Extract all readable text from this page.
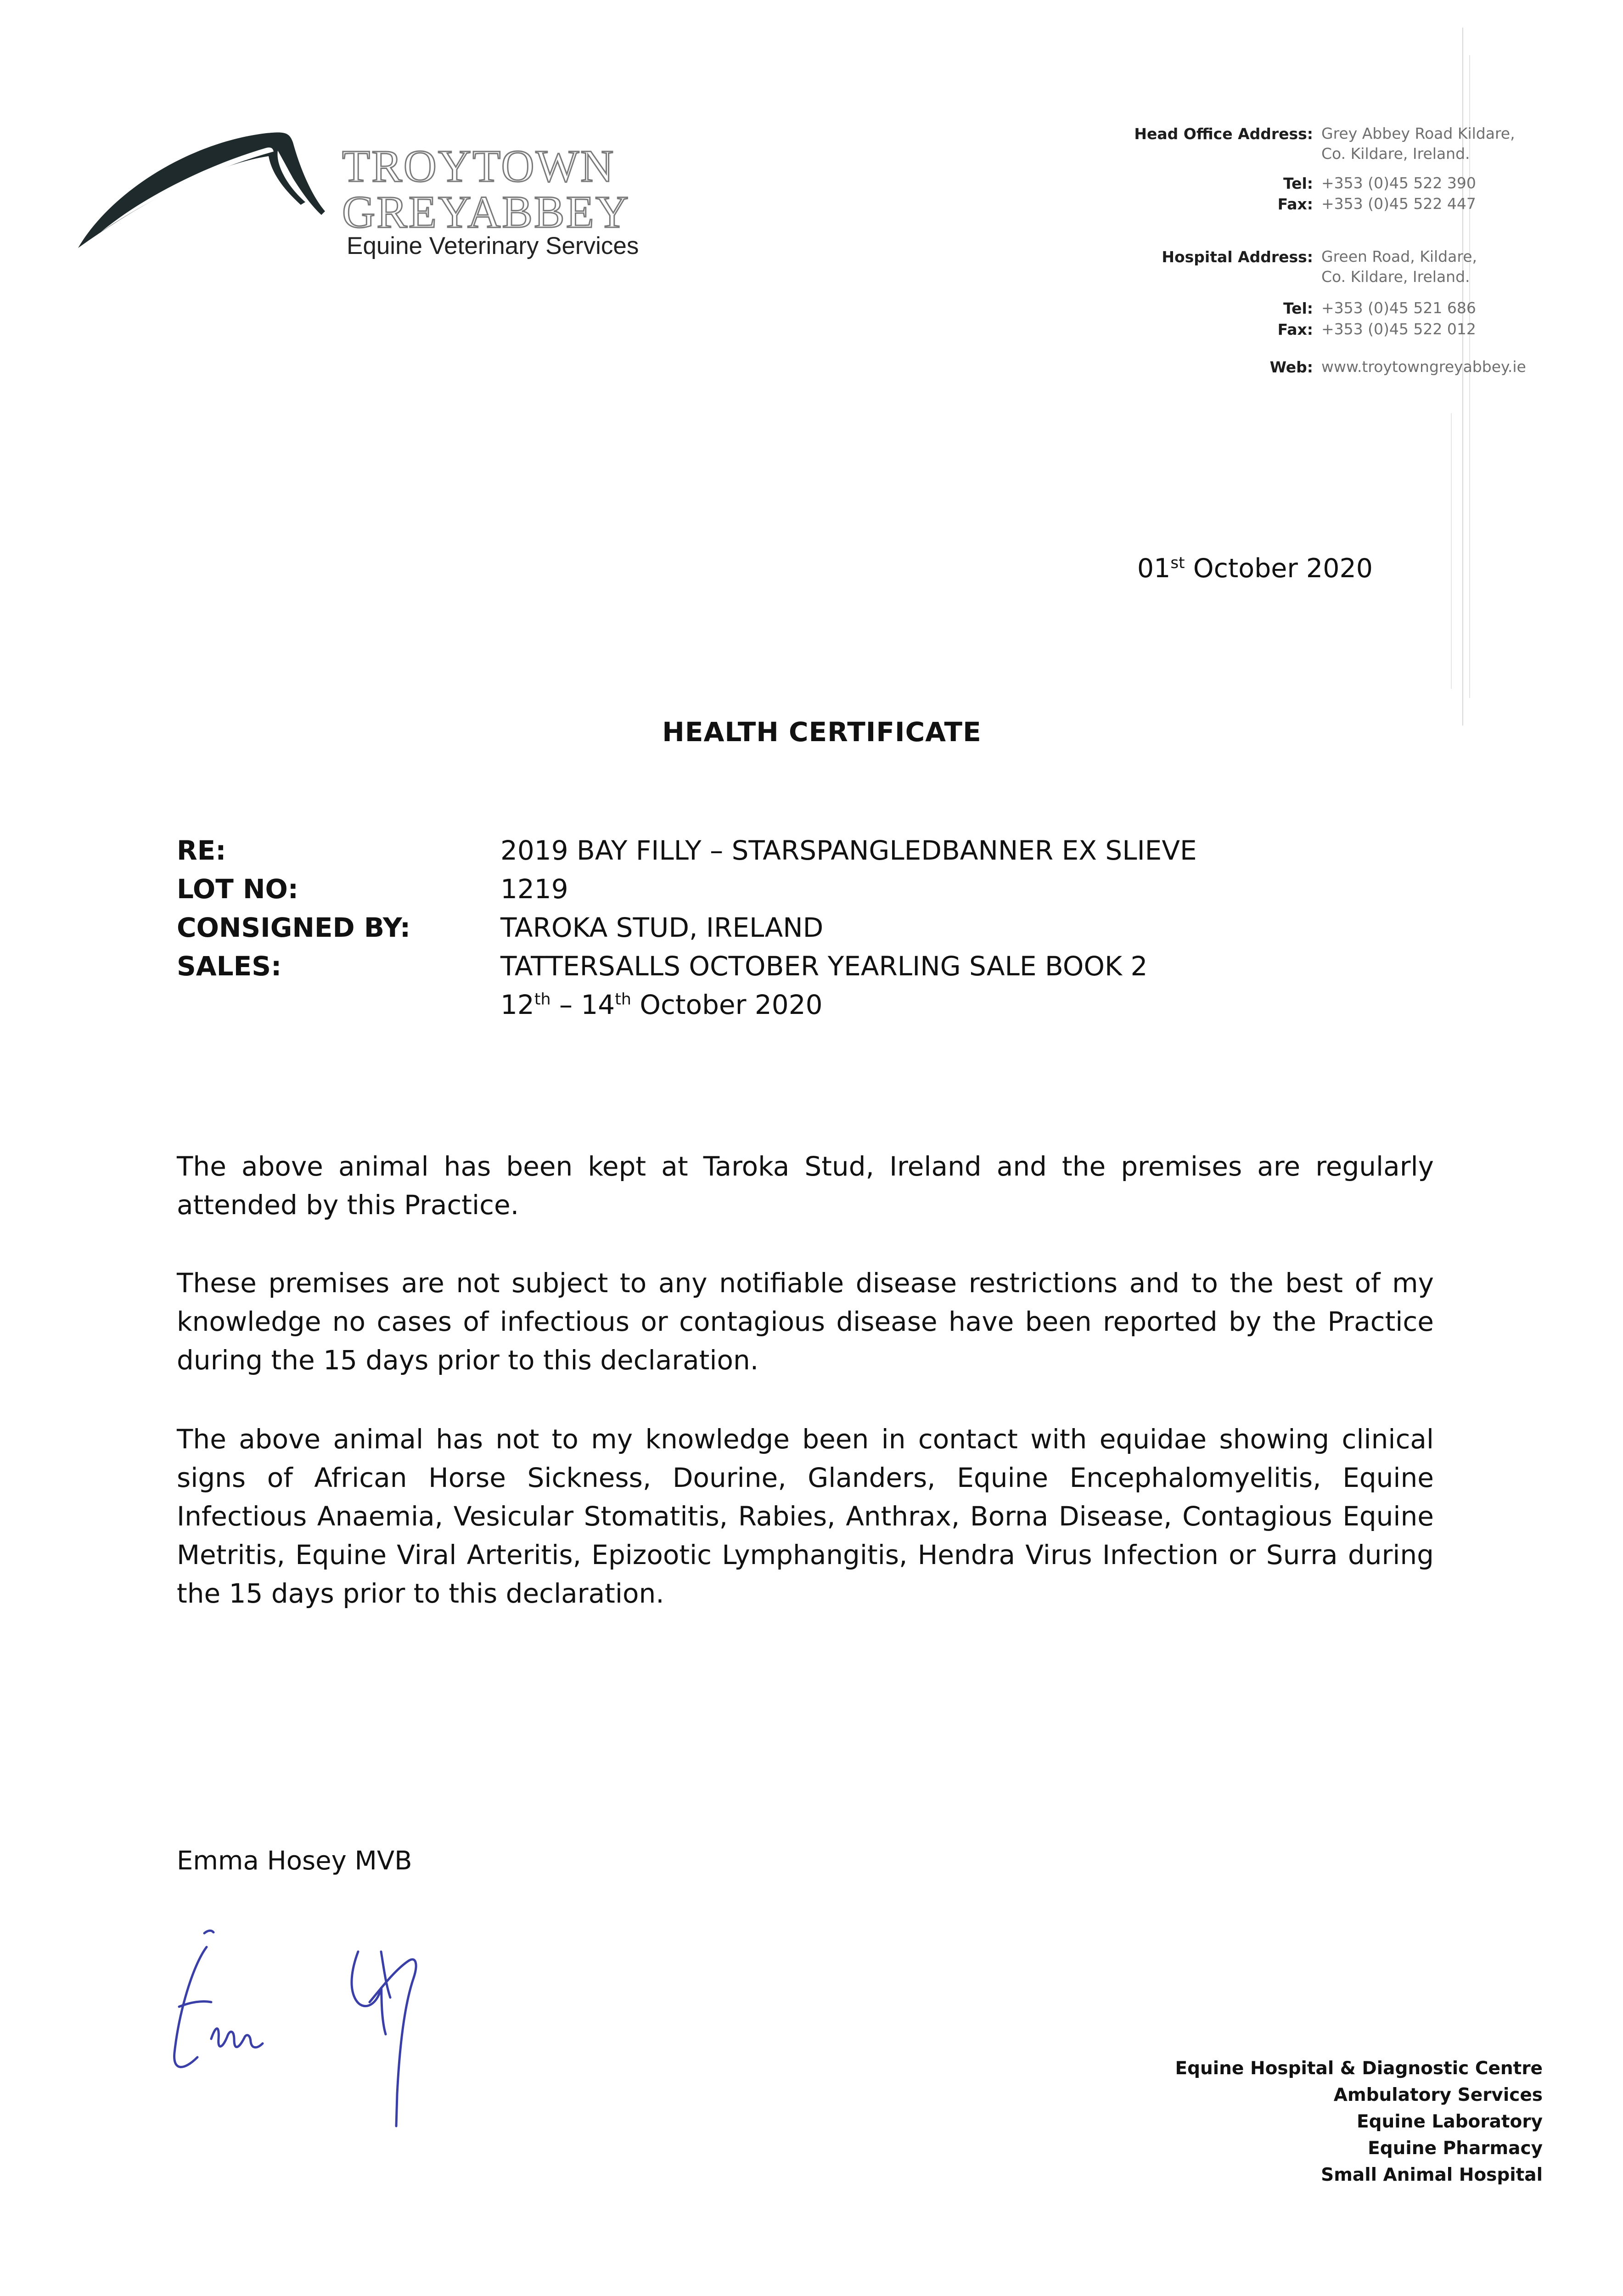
TROYTOWN
GREYABBEY
Equine Veterinary Services
Head Office Address: Grey Abbey Road Kildare,
Co. Kildare, Ireland.
Tel: +353 (0)45 522 390
Fax: +353 (0)45 522 447
Hospital Address: Green Road, Kildare,
Co. Kildare, Ireland.
Tel: +353 (0)45 521 686
Fax: +353 (0)45 522 012
Web: www.troytowngreyabbey.ie
01st October 2020
HEALTH CERTIFICATE
RE:	2019 BAY FILLY – STARSPANGLEDBANNER EX SLIEVE
LOT NO:	1219
CONSIGNED BY:	TAROKA STUD, IRELAND
SALES:	TATTERSALLS OCTOBER YEARLING SALE BOOK 2
12th – 14th October 2020
The above animal has been kept at Taroka Stud, Ireland and the premises are regularly attended by this Practice.
These premises are not subject to any notifiable disease restrictions and to the best of my knowledge no cases of infectious or contagious disease have been reported by the Practice during the 15 days prior to this declaration.
The above animal has not to my knowledge been in contact with equidae showing clinical signs of African Horse Sickness, Dourine, Glanders, Equine Encephalomyelitis, Equine Infectious Anaemia, Vesicular Stomatitis, Rabies, Anthrax, Borna Disease, Contagious Equine Metritis, Equine Viral Arteritis, Epizootic Lymphangitis, Hendra Virus Infection or Surra during the 15 days prior to this declaration.
Emma Hosey MVB
Equine Hospital & Diagnostic Centre
Ambulatory Services
Equine Laboratory
Equine Pharmacy
Small Animal Hospital
